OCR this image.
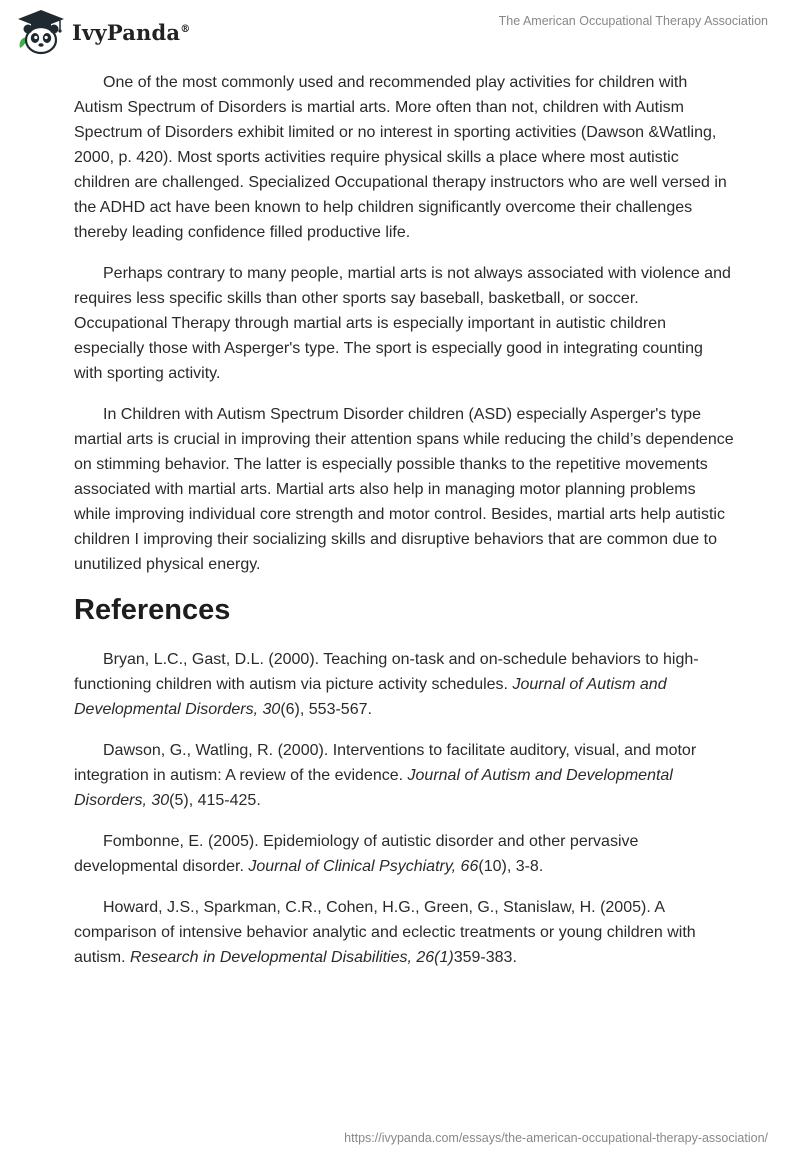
IvyPanda®
The American Occupational Therapy Association

One of the most commonly used and recommended play activities for children with Autism Spectrum of Disorders is martial arts. More often than not, children with Autism Spectrum of Disorders exhibit limited or no interest in sporting activities (Dawson &Watling, 2000, p. 420). Most sports activities require physical skills a place where most autistic children are challenged. Specialized Occupational therapy instructors who are well versed in the ADHD act have been known to help children significantly overcome their challenges thereby leading confidence filled productive life.

Perhaps contrary to many people, martial arts is not always associated with violence and requires less specific skills than other sports say baseball, basketball, or soccer. Occupational Therapy through martial arts is especially important in autistic children especially those with Asperger's type. The sport is especially good in integrating counting with sporting activity.

In Children with Autism Spectrum Disorder children (ASD) especially Asperger's type martial arts is crucial in improving their attention spans while reducing the child’s dependence on stimming behavior. The latter is especially possible thanks to the repetitive movements associated with martial arts. Martial arts also help in managing motor planning problems while improving individual core strength and motor control. Besides, martial arts help autistic children I improving their socializing skills and disruptive behaviors that are common due to unutilized physical energy.

References

Bryan, L.C., Gast, D.L. (2000). Teaching on-task and on-schedule behaviors to high- functioning children with autism via picture activity schedules. Journal of Autism and Developmental Disorders, 30(6), 553-567.

Dawson, G., Watling, R. (2000). Interventions to facilitate auditory, visual, and motor integration in autism: A review of the evidence. Journal of Autism and Developmental Disorders, 30(5), 415-425.

Fombonne, E. (2005). Epidemiology of autistic disorder and other pervasive developmental disorder. Journal of Clinical Psychiatry, 66(10), 3-8.

Howard, J.S., Sparkman, C.R., Cohen, H.G., Green, G., Stanislaw, H. (2005). A comparison of intensive behavior analytic and eclectic treatments or young children with autism. Research in Developmental Disabilities, 26(1)359-383.

https://ivypanda.com/essays/the-american-occupational-therapy-association/
